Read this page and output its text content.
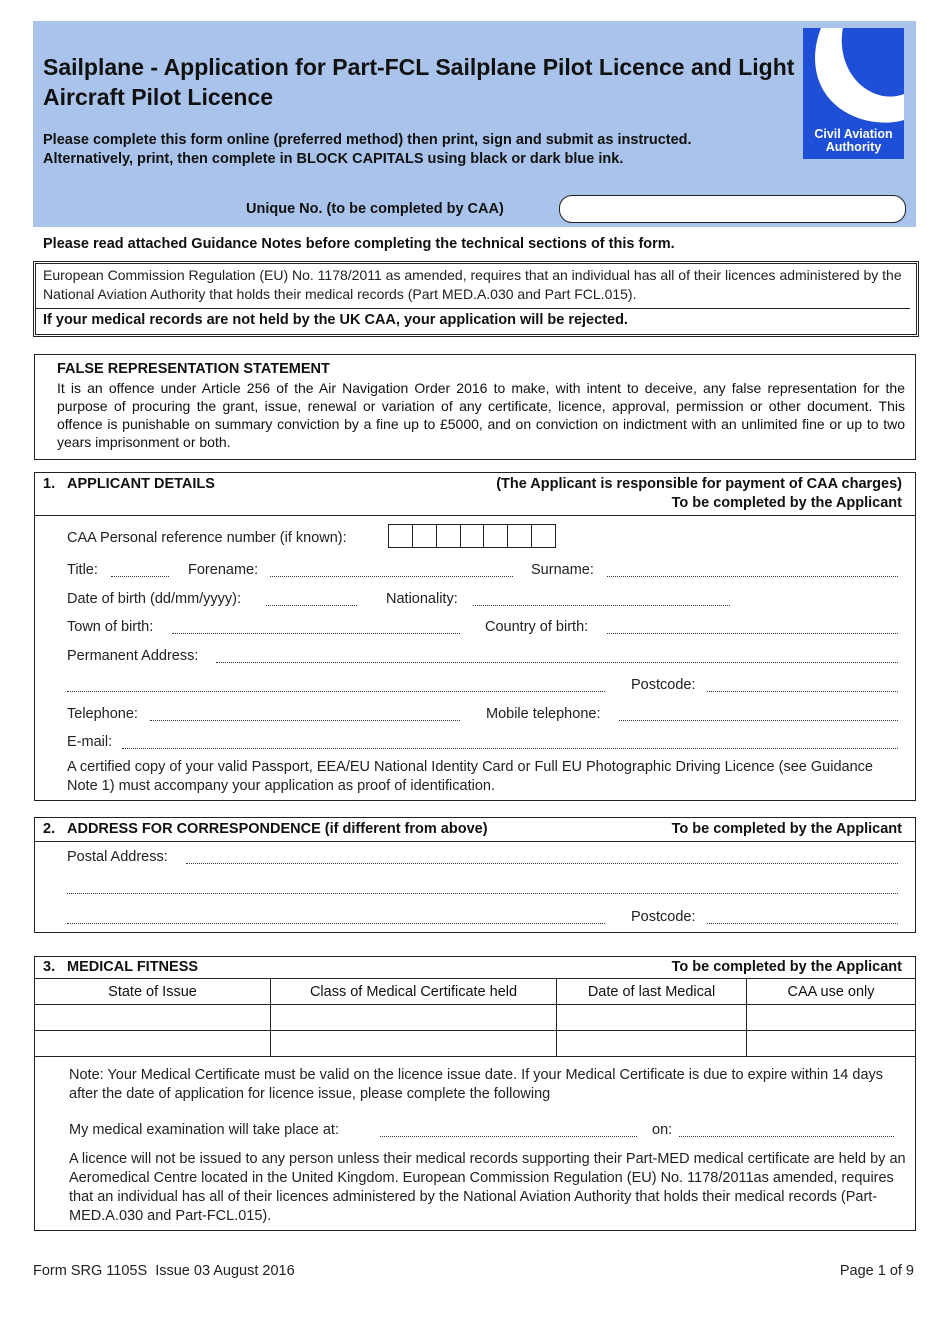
Sailplane - Application for Part-FCL Sailplane Pilot Licence and Light Aircraft Pilot Licence
Please complete this form online (preferred method) then print, sign and submit as instructed.
Alternatively, print, then complete in BLOCK CAPITALS using black or dark blue ink.
Civil Aviation
Authority
Unique No. (to be completed by CAA)
Please read attached Guidance Notes before completing the technical sections of this form.
European Commission Regulation (EU) No. 1178/2011 as amended, requires that an individual has all of their licences administered by the National Aviation Authority that holds their medical records (Part MED.A.030 and Part FCL.015).
If your medical records are not held by the UK CAA, your application will be rejected.
FALSE REPRESENTATION STATEMENT
It is an offence under Article 256 of the Air Navigation Order 2016 to make, with intent to deceive, any false representation for the purpose of procuring the grant, issue, renewal or variation of any certificate, licence, approval, permission or other document. This offence is punishable on summary conviction by a fine up to £5000, and on conviction on indictment with an unlimited fine or up to two years imprisonment or both.
1. APPLICANT DETAILS	(The Applicant is responsible for payment of CAA charges)
To be completed by the Applicant
CAA Personal reference number (if known):
Title:	Forename:	Surname:
Date of birth (dd/mm/yyyy):	Nationality:
Town of birth:	Country of birth:
Permanent Address:
Postcode:
Telephone:	Mobile telephone:
E-mail:
A certified copy of your valid Passport, EEA/EU National Identity Card or Full EU Photographic Driving Licence (see Guidance Note 1) must accompany your application as proof of identification.
2. ADDRESS FOR CORRESPONDENCE (if different from above)	To be completed by the Applicant
Postal Address:
Postcode:
3. MEDICAL FITNESS	To be completed by the Applicant
State of Issue	Class of Medical Certificate held	Date of last Medical	CAA use only

Note: Your Medical Certificate must be valid on the licence issue date. If your Medical Certificate is due to expire within 14 days after the date of application for licence issue, please complete the following
My medical examination will take place at:	on:
A licence will not be issued to any person unless their medical records supporting their Part-MED medical certificate are held by an Aeromedical Centre located in the United Kingdom. European Commission Regulation (EU) No. 1178/2011as amended, requires that an individual has all of their licences administered by the National Aviation Authority that holds their medical records (Part-MED.A.030 and Part-FCL.015).
Form SRG 1105S  Issue 03 August 2016	Page 1 of 9
